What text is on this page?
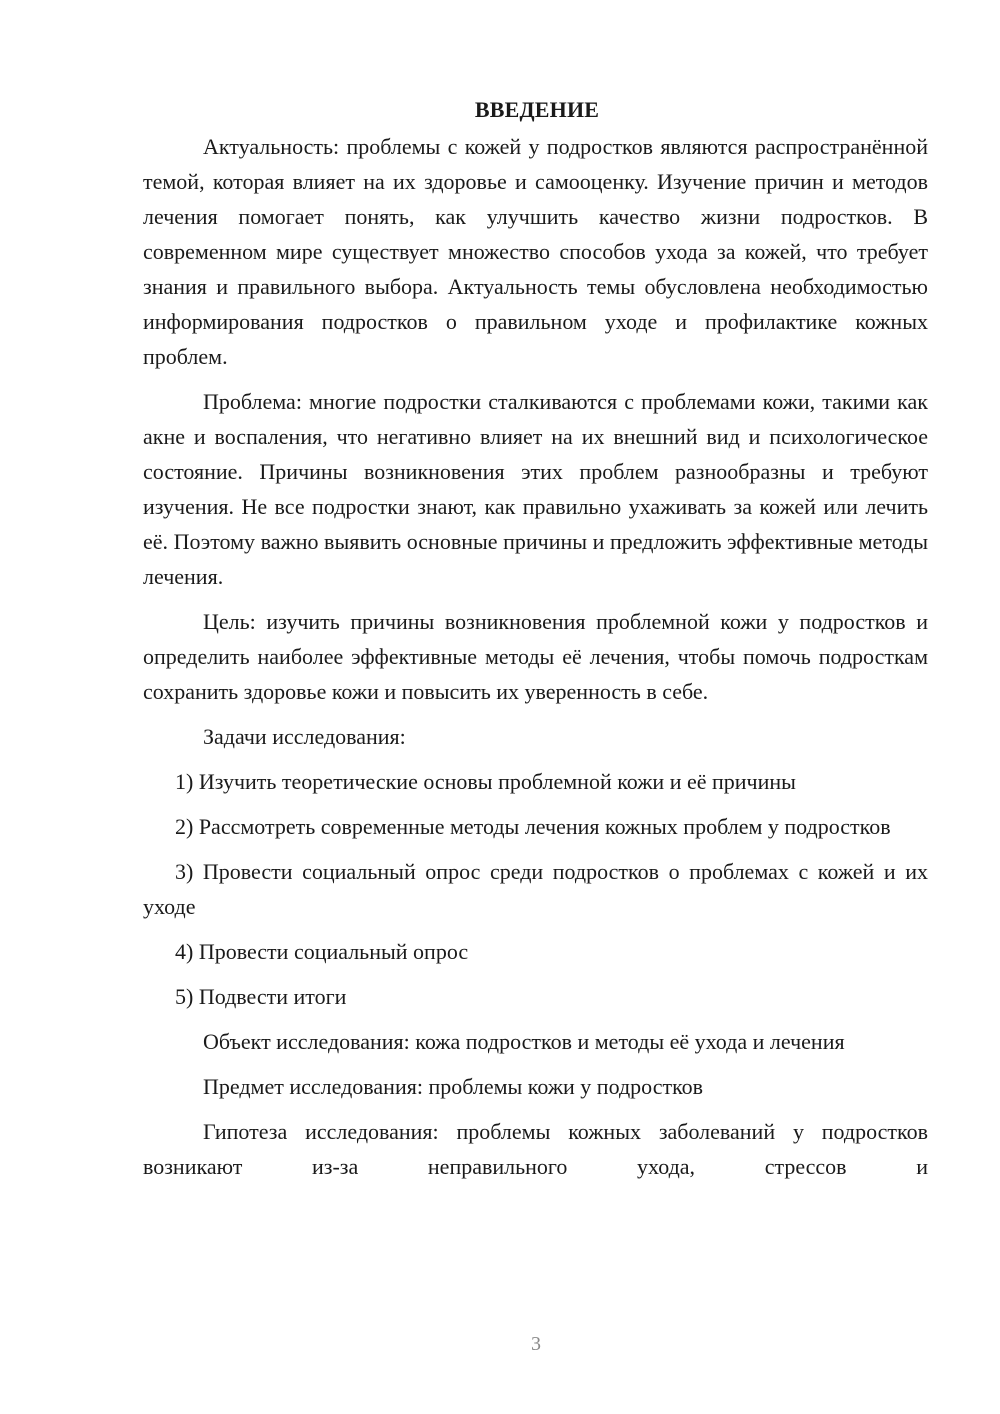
ВВЕДЕНИЕ

Актуальность: проблемы с кожей у подростков являются распространённой темой, которая влияет на их здоровье и самооценку. Изучение причин и методов лечения помогает понять, как улучшить качество жизни подростков. В современном мире существует множество способов ухода за кожей, что требует знания и правильного выбора. Актуальность темы обусловлена необходимостью информирования подростков о правильном уходе и профилактике кожных проблем.

Проблема: многие подростки сталкиваются с проблемами кожи, такими как акне и воспаления, что негативно влияет на их внешний вид и психологическое состояние. Причины возникновения этих проблем разнообразны и требуют изучения. Не все подростки знают, как правильно ухаживать за кожей или лечить её. Поэтому важно выявить основные причины и предложить эффективные методы лечения.

Цель: изучить причины возникновения проблемной кожи у подростков и определить наиболее эффективные методы её лечения, чтобы помочь подросткам сохранить здоровье кожи и повысить их уверенность в себе.

Задачи исследования:

1) Изучить теоретические основы проблемной кожи и её причины

2) Рассмотреть современные методы лечения кожных проблем у подростков

3) Провести социальный опрос среди подростков о проблемах с кожей и их уходе

4) Провести социальный опрос

5) Подвести итоги

Объект исследования: кожа подростков и методы её ухода и лечения

Предмет исследования: проблемы кожи у подростков

Гипотеза исследования: проблемы кожных заболеваний у подростков возникают из-за неправильного ухода, стрессов и

3
